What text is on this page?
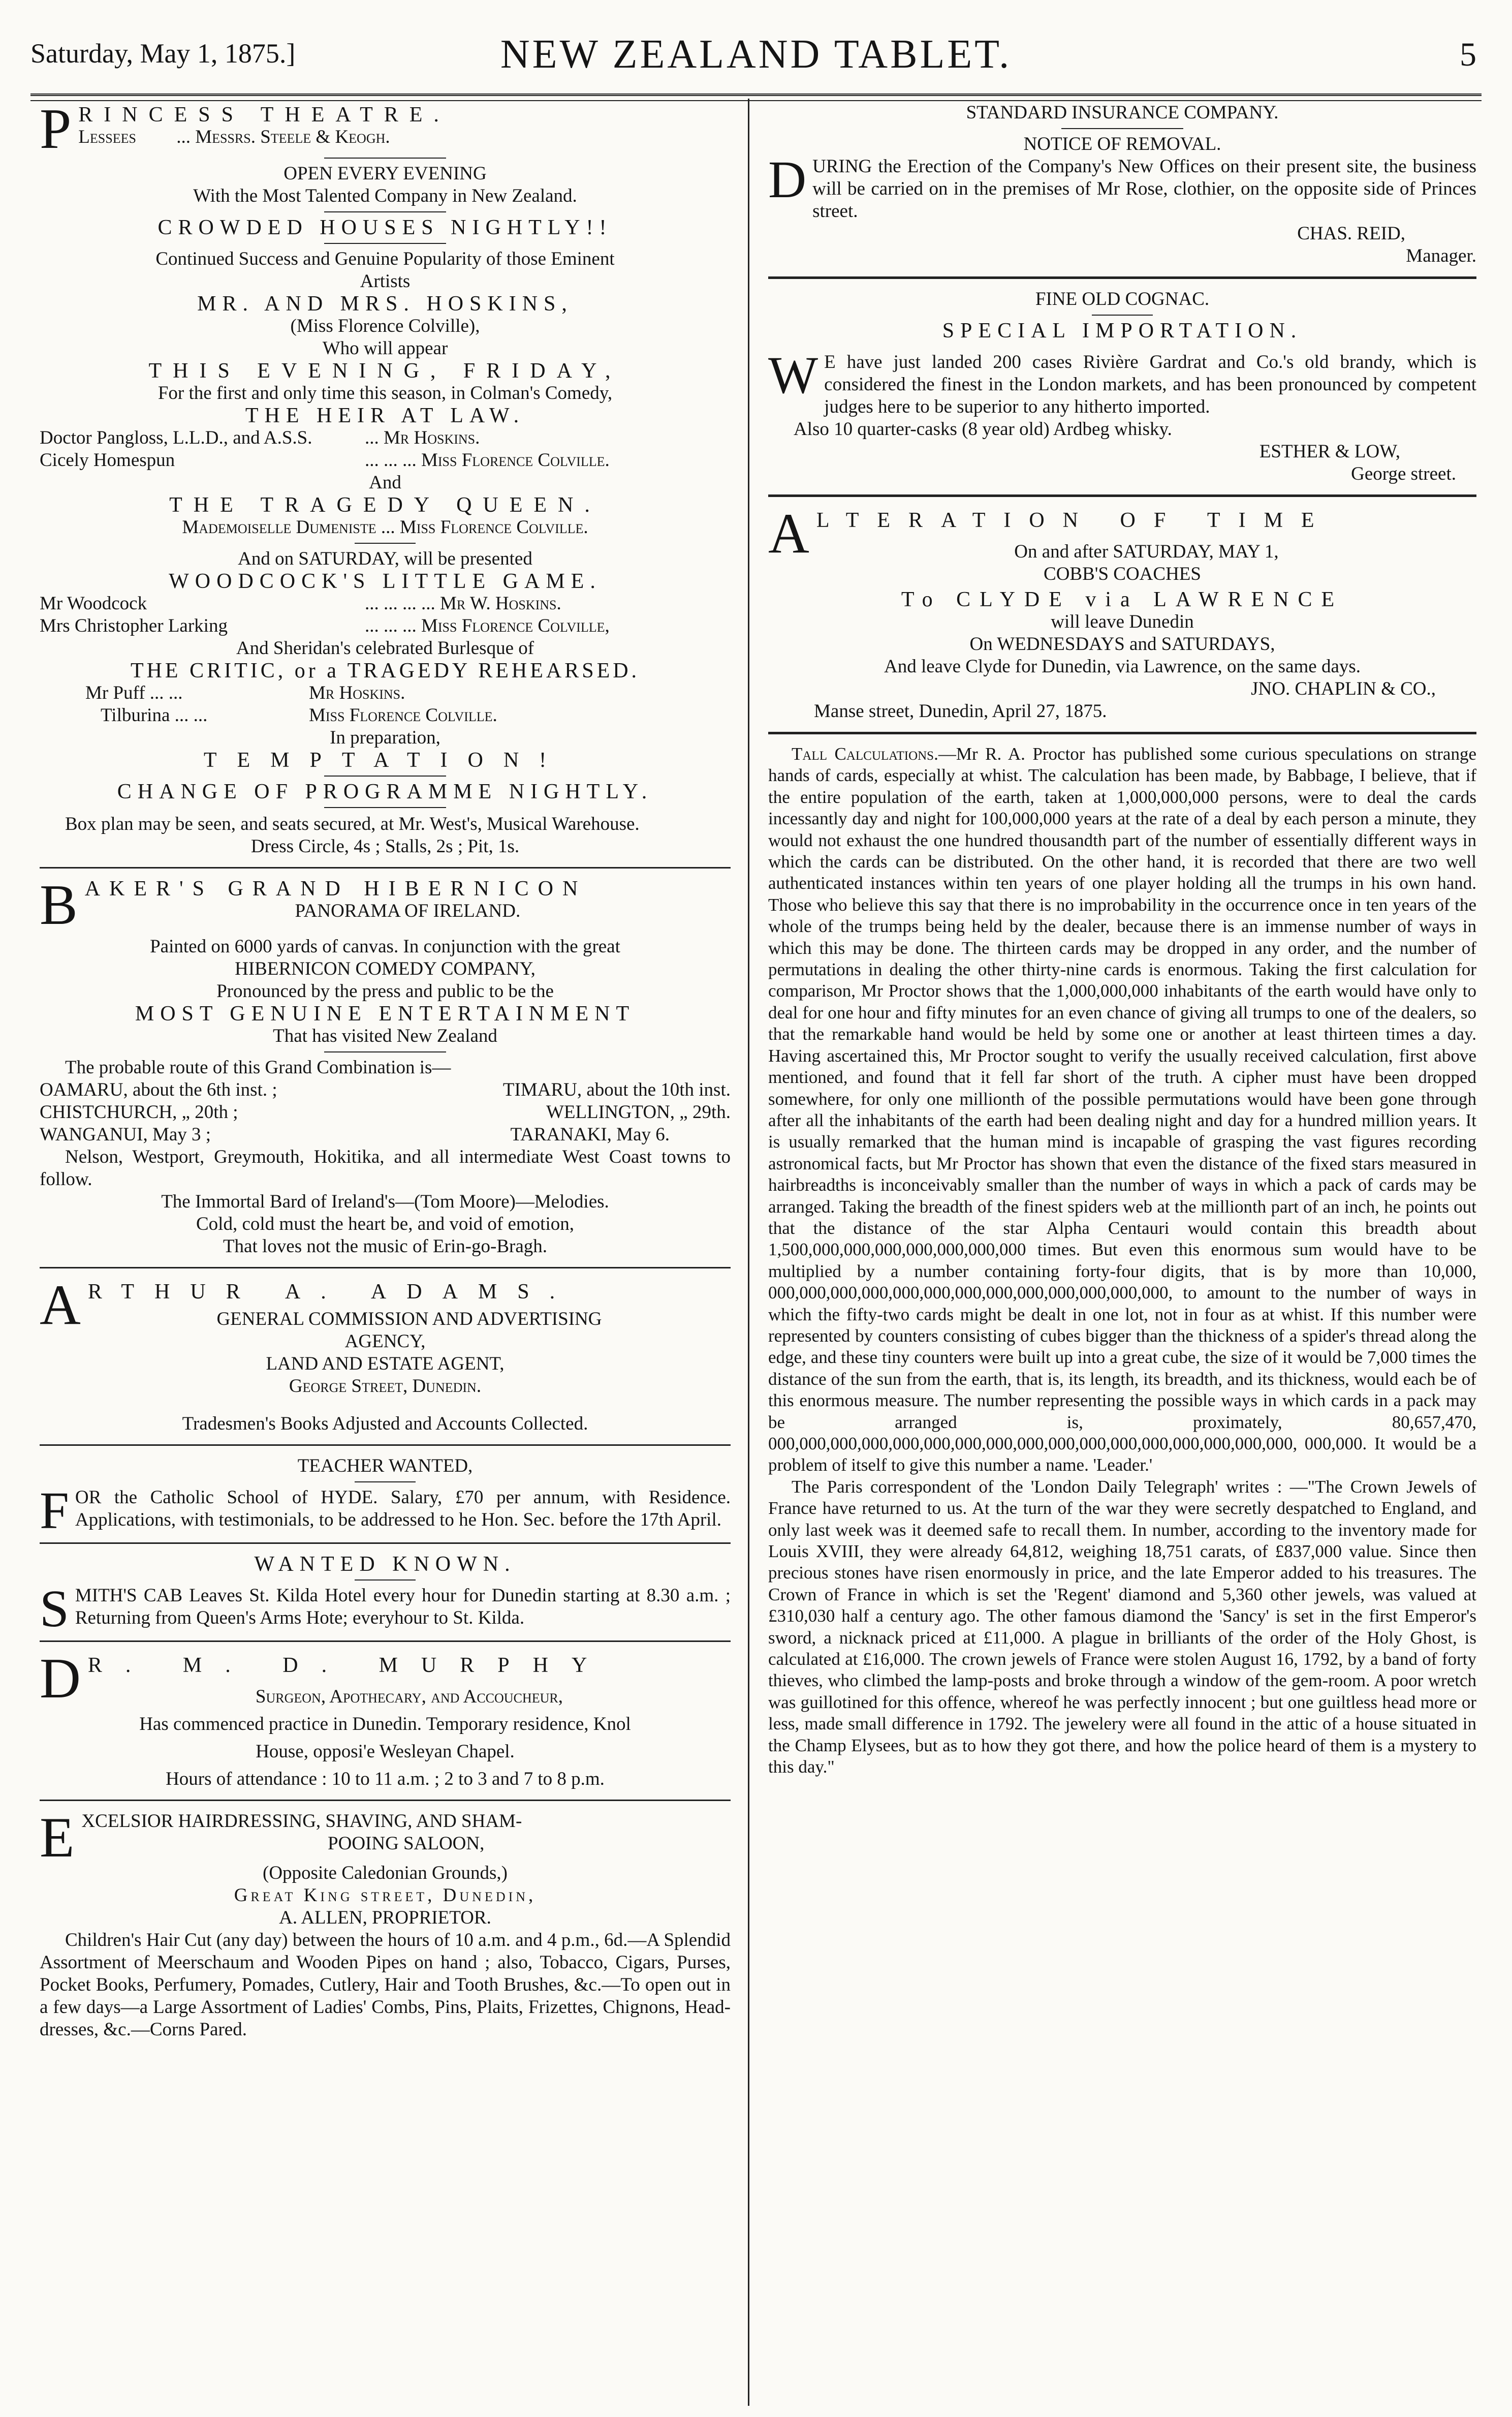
Saturday, May 1, 1875.]	NEW ZEALAND TABLET.	5
P RINCESS THEATRE.
Lessees ... Messrs. Steele & Keogh.
OPEN EVERY EVENING
With the Most Talented Company in New Zealand.
CROWDED HOUSES NIGHTLY!!
Continued Success and Genuine Popularity of those Eminent
Artists
MR. AND MRS. HOSKINS,
(Miss Florence Colville),
Who will appear
THIS EVENING, FRIDAY,
For the first and only time this season, in Colman's Comedy,
THE HEIR AT LAW.
Doctor Pangloss, L.L.D., and A.S.S.	... Mr Hoskins.
Cicely Homespun	... ... ... Miss Florence Colville.
And
THE TRAGEDY QUEEN.
Mademoiselle Dumeniste ... Miss Florence Colville.
And on SATURDAY, will be presented
WOODCOCK'S LITTLE GAME.
Mr Woodcock	... ... ... ... Mr W. Hoskins.
Mrs Christopher Larking	... ... ... Miss Florence Colville,
And Sheridan's celebrated Burlesque of
THE CRITIC, or a TRAGEDY REHEARSED.
Mr Puff ... ...	Mr Hoskins.
Tilburina ... ...	Miss Florence Colville.
In preparation,
TEMPTATION!
CHANGE OF PROGRAMME NIGHTLY.
Box plan may be seen, and seats secured, at Mr. West's, Musical Warehouse.
Dress Circle, 4s ; Stalls, 2s ; Pit, 1s.
B AKER'S GRAND HIBERNICON
PANORAMA OF IRELAND.
Painted on 6000 yards of canvas. In conjunction with the great
HIBERNICON COMEDY COMPANY,
Pronounced by the press and public to be the
MOST GENUINE ENTERTAINMENT
That has visited New Zealand
The probable route of this Grand Combination is—
OAMARU, about the 6th inst. ;	TIMARU, about the 10th inst.
CHISTCHURCH, „ 20th ;	WELLINGTON, „ 29th.
WANGANUI, May 3 ;	TARANAKI, May 6.
Nelson, Westport, Greymouth, Hokitika, and all intermediate West Coast towns to follow.
The Immortal Bard of Ireland's—(Tom Moore)—Melodies.
Cold, cold must the heart be, and void of emotion,
That loves not the music of Erin-go-Bragh.
A RTHUR A. ADAMS.
GENERAL COMMISSION AND ADVERTISING
AGENCY,
LAND AND ESTATE AGENT,
George Street, Dunedin.
Tradesmen's Books Adjusted and Accounts Collected.
TEACHER WANTED,
F OR the Catholic School of HYDE. Salary, £70 per annum, with Residence. Applications, with testimonials, to be addressed to he Hon. Sec. before the 17th April.
WANTED KNOWN.
S MITH'S CAB Leaves St. Kilda Hotel every hour for Dunedin starting at 8.30 a.m. ; Returning from Queen's Arms Hote; everyhour to St. Kilda.
D R. M. D. MURPHY
Surgeon, Apothecary, and Accoucheur,
Has commenced practice in Dunedin. Temporary residence, Knol
House, opposi'e Wesleyan Chapel.
Hours of attendance : 10 to 11 a.m. ; 2 to 3 and 7 to 8 p.m.
E XCELSIOR HAIRDRESSING, SHAVING, AND SHAM-
POOING SALOON,
(Opposite Caledonian Grounds,)
Great King street, Dunedin,
A. ALLEN, PROPRIETOR.
Children's Hair Cut (any day) between the hours of 10 a.m. and 4 p.m., 6d.—A Splendid Assortment of Meerschaum and Wooden Pipes on hand ; also, Tobacco, Cigars, Purses, Pocket Books, Perfumery, Pomades, Cutlery, Hair and Tooth Brushes, &c.—To open out in a few days—a Large Assortment of Ladies' Combs, Pins, Plaits, Frizettes, Chignons, Head-dresses, &c.—Corns Pared.
STANDARD INSURANCE COMPANY.
NOTICE OF REMOVAL.
D URING the Erection of the Company's New Offices on their present site, the business will be carried on in the premises of Mr Rose, clothier, on the opposite side of Princes street.
CHAS. REID,
Manager.
FINE OLD COGNAC.
SPECIAL IMPORTATION.
W E have just landed 200 cases Rivière Gardrat and Co.'s old brandy, which is considered the finest in the London markets, and has been pronounced by competent judges here to be superior to any hitherto imported.
Also 10 quarter-casks (8 year old) Ardbeg whisky.
ESTHER & LOW,
George street.
A LTERATION OF TIME
On and after SATURDAY, MAY 1,
COBB'S COACHES
To CLYDE via LAWRENCE
will leave Dunedin
On WEDNESDAYS and SATURDAYS,
And leave Clyde for Dunedin, via Lawrence, on the same days.
JNO. CHAPLIN & CO.,
Manse street, Dunedin, April 27, 1875.

Tall Calculations.—Mr R. A. Proctor has published some curious speculations on strange hands of cards, especially at whist. The calculation has been made, by Babbage, I believe, that if the entire population of the earth, taken at 1,000,000,000 persons, were to deal the cards incessantly day and night for 100,000,000 years at the rate of a deal by each person a minute, they would not exhaust the one hundred thousandth part of the number of essentially different ways in which the cards can be distributed. On the other hand, it is recorded that there are two well authenticated instances within ten years of one player holding all the trumps in his own hand. Those who believe this say that there is no improbability in the occurrence once in ten years of the whole of the trumps being held by the dealer, because there is an immense number of ways in which this may be done. The thirteen cards may be dropped in any order, and the number of permutations in dealing the other thirty-nine cards is enormous. Taking the first calculation for comparison, Mr Proctor shows that the 1,000,000,000 inhabitants of the earth would have only to deal for one hour and fifty minutes for an even chance of giving all trumps to one of the dealers, so that the remarkable hand would be held by some one or another at least thirteen times a day. Having ascertained this, Mr Proctor sought to verify the usually received calculation, first above mentioned, and found that it fell far short of the truth. A cipher must have been dropped somewhere, for only one millionth of the possible permutations would have been gone through after all the inhabitants of the earth had been dealing night and day for a hundred million years. It is usually remarked that the human mind is incapable of grasping the vast figures recording astronomical facts, but Mr Proctor has shown that even the distance of the fixed stars measured in hairbreadths is inconceivably smaller than the number of ways in which a pack of cards may be arranged. Taking the breadth of the finest spiders web at the millionth part of an inch, he points out that the distance of the star Alpha Centauri would contain this breadth about 1,500,000,000,000,000,000,000,000 times. But even this enormous sum would have to be multiplied by a number containing forty-four digits, that is by more than 10,000, 000,000,000,000,000,000,000,000,000,000,000,000,000, to amount to the number of ways in which the fifty-two cards might be dealt in one lot, not in four as at whist. If this number were represented by counters consisting of cubes bigger than the thickness of a spider's thread along the edge, and these tiny counters were built up into a great cube, the size of it would be 7,000 times the distance of the sun from the earth, that is, its length, its breadth, and its thickness, would each be of this enormous measure. The number representing the possible ways in which cards in a pack may be arranged is, proximately, 80,657,470, 000,000,000,000,000,000,000,000,000,000,000,000,000,000,000,000,000, 000,000. It would be a problem of itself to give this number a name. 'Leader.'

The Paris correspondent of the 'London Daily Telegraph' writes : —"The Crown Jewels of France have returned to us. At the turn of the war they were secretly despatched to England, and only last week was it deemed safe to recall them. In number, according to the inventory made for Louis XVIII, they were already 64,812, weighing 18,751 carats, of £837,000 value. Since then precious stones have risen enormously in price, and the late Emperor added to his treasures. The Crown of France in which is set the 'Regent' diamond and 5,360 other jewels, was valued at £310,030 half a century ago. The other famous diamond the 'Sancy' is set in the first Emperor's sword, a nicknack priced at £11,000. A plague in brilliants of the order of the Holy Ghost, is calculated at £16,000. The crown jewels of France were stolen August 16, 1792, by a band of forty thieves, who climbed the lamp-posts and broke through a window of the gem-room. A poor wretch was guillotined for this offence, whereof he was perfectly innocent ; but one guiltless head more or less, made small difference in 1792. The jewelery were all found in the attic of a house situated in the Champ Elysees, but as to how they got there, and how the police heard of them is a mystery to this day."
